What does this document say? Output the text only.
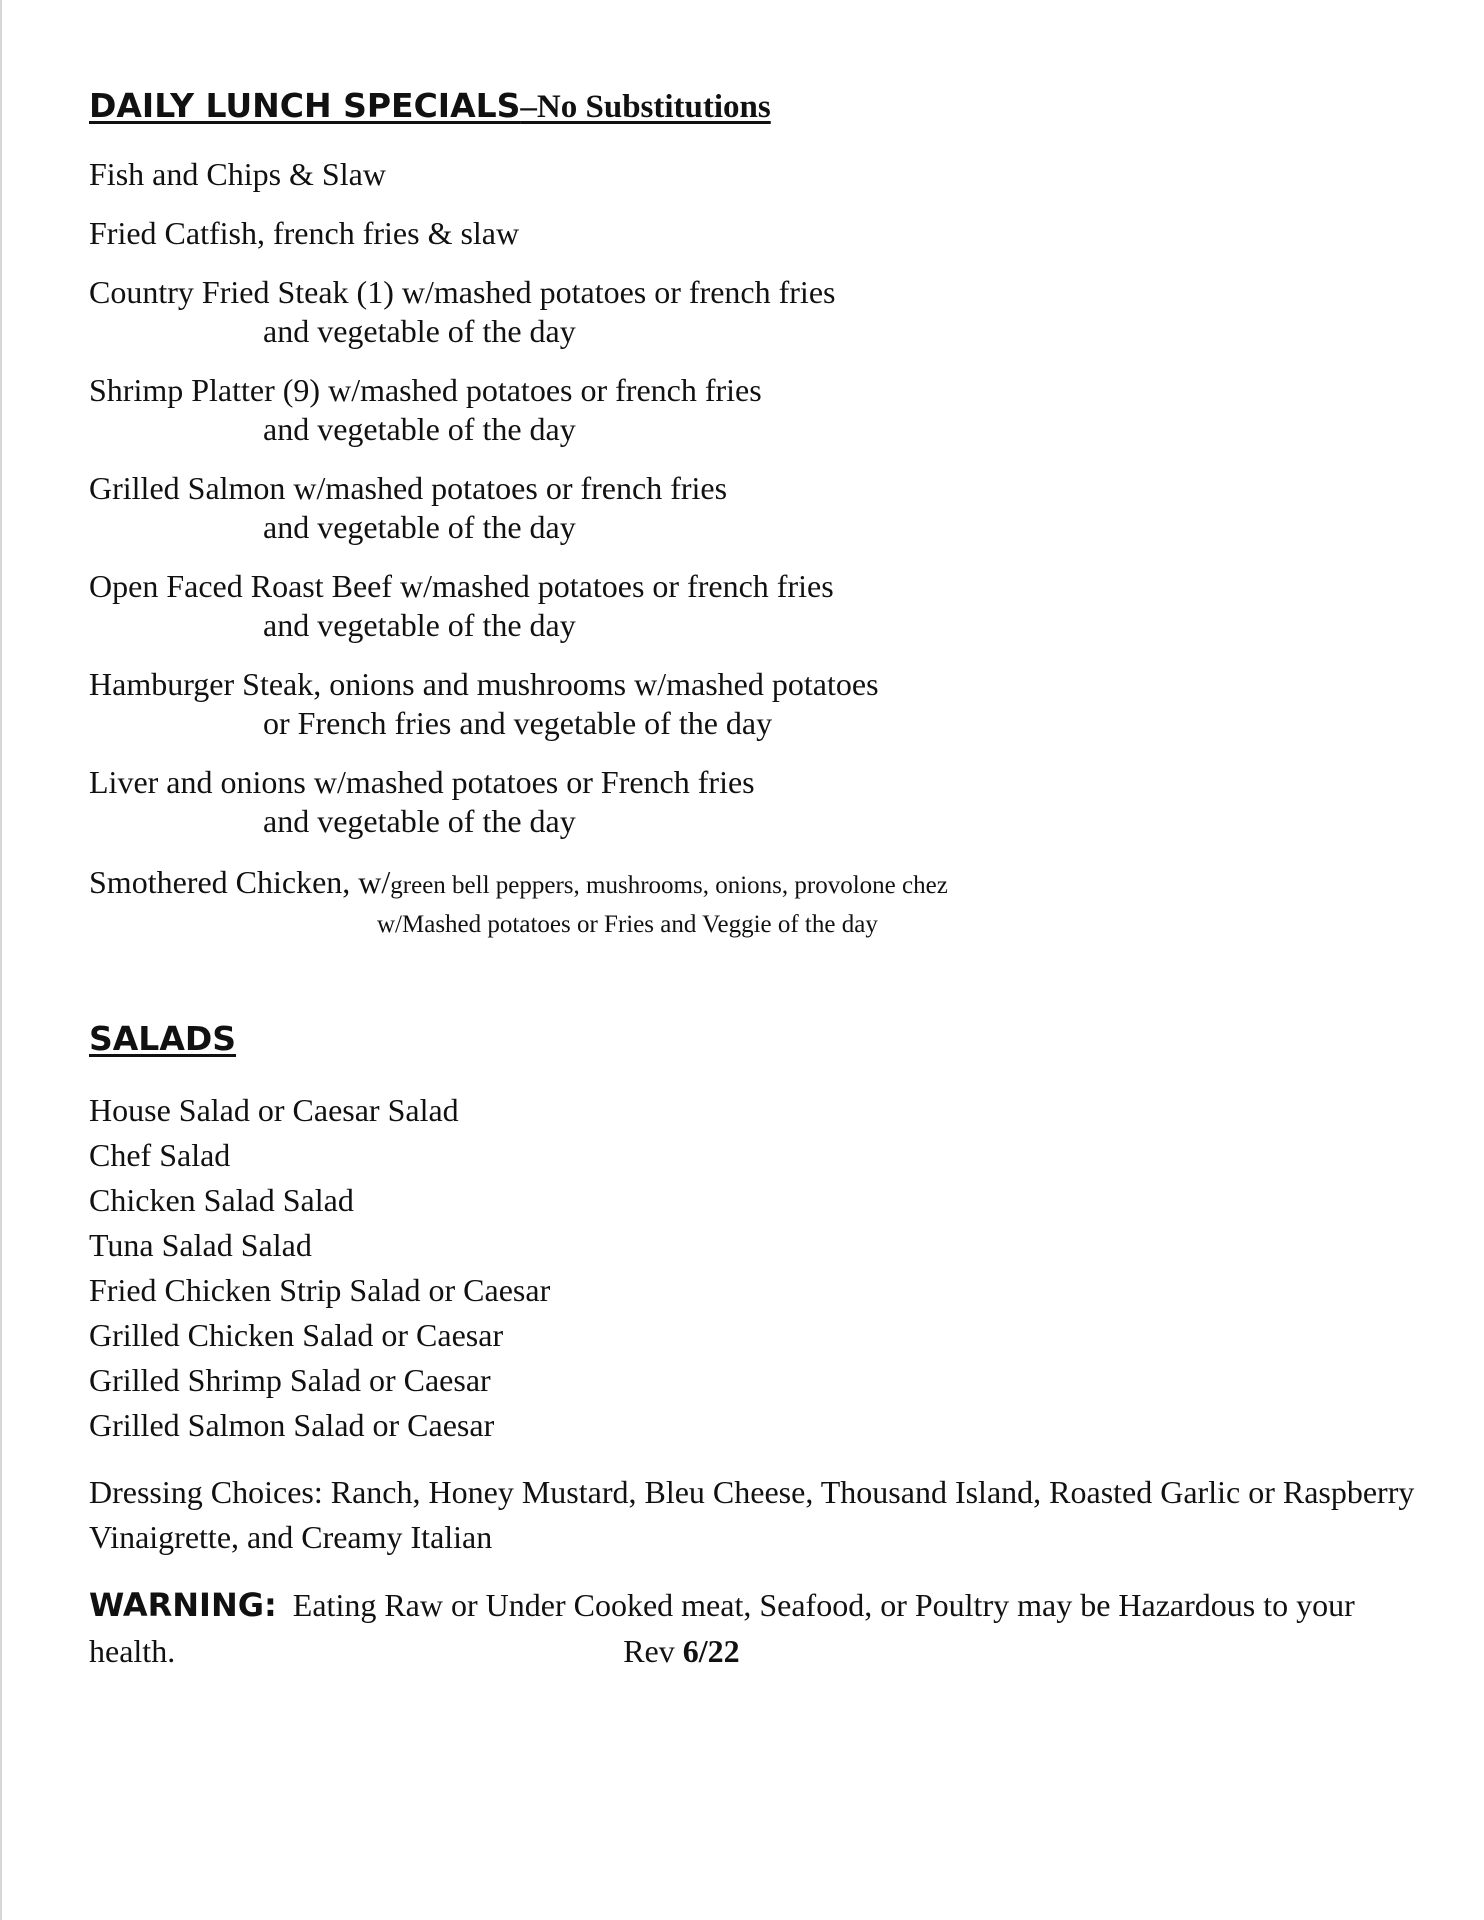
DAILY LUNCH SPECIALS–No Substitutions
Fish and Chips & Slaw
Fried Catfish, french fries & slaw
Country Fried Steak (1) w/mashed potatoes or french fries
and vegetable of the day
Shrimp Platter (9) w/mashed potatoes or french fries
and vegetable of the day
Grilled Salmon w/mashed potatoes or french fries
and vegetable of the day
Open Faced Roast Beef w/mashed potatoes or french fries
and vegetable of the day
Hamburger Steak, onions and mushrooms w/mashed potatoes
or French fries and vegetable of the day
Liver and onions w/mashed potatoes or French fries
and vegetable of the day
Smothered Chicken, w/green bell peppers, mushrooms, onions, provolone chez
w/Mashed potatoes or Fries and Veggie of the day
SALADS
House Salad or Caesar Salad
Chef Salad
Chicken Salad Salad
Tuna Salad Salad
Fried Chicken Strip Salad or Caesar
Grilled Chicken Salad or Caesar
Grilled Shrimp Salad or Caesar
Grilled Salmon Salad or Caesar

Dressing Choices: Ranch, Honey Mustard, Bleu Cheese, Thousand Island, Roasted Garlic or Raspberry Vinaigrette, and Creamy Italian

WARNING: Eating Raw or Under Cooked meat, Seafood, or Poultry may be Hazardous to your health.	Rev 6/22
